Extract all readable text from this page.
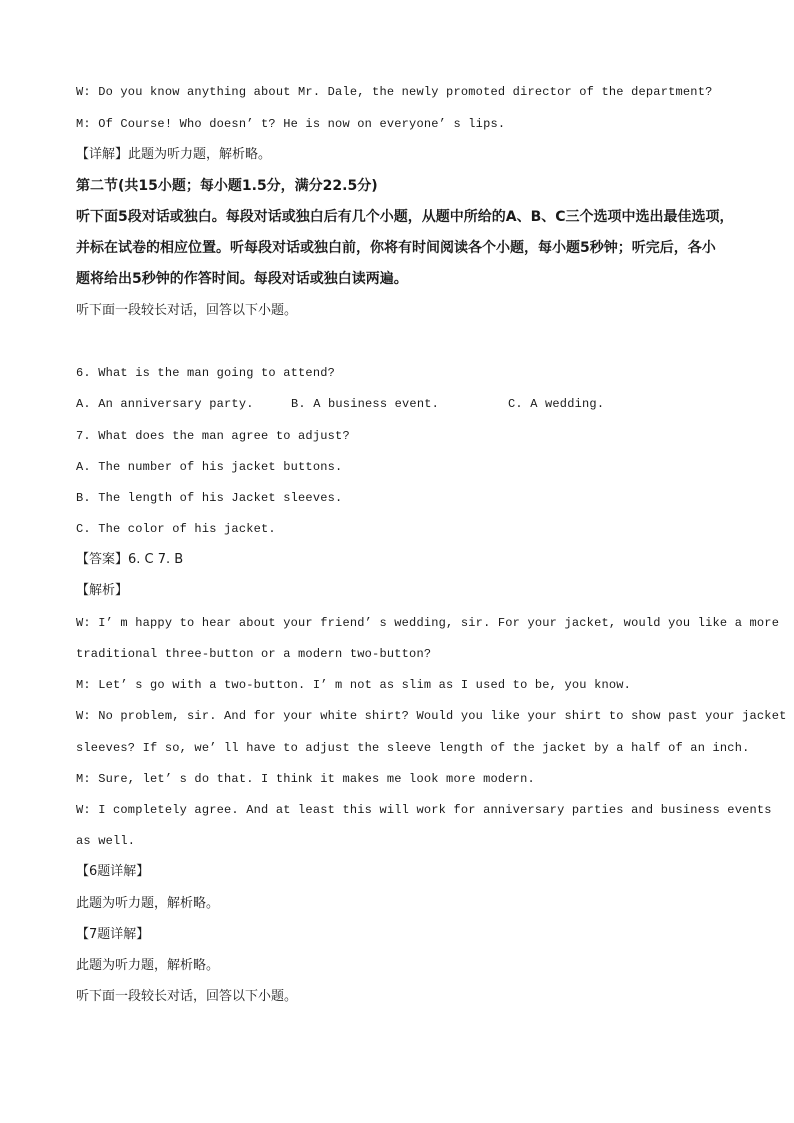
W: Do you know anything about Mr. Dale, the newly promoted director of the department?
M: Of Course! Who doesn’ t? He is now on everyone’ s lips.
【详解】此题为听力题，解析略。
第二节(共15小题；每小题1.5分，满分22.5分)
听下面5段对话或独白。每段对话或独白后有几个小题，从题中所给的A、B、C三个选项中选出最佳选项，
并标在试卷的相应位置。听每段对话或独白前，你将有时间阅读各个小题，每小题5秒钟；听完后，各小
题将给出5秒钟的作答时间。每段对话或独白读两遍。
听下面一段较长对话，回答以下小题。
6. What is the man going to attend?
A. An anniversary party.	B. A business event.	C. A wedding.
7. What does the man agree to adjust?
A. The number of his jacket buttons.
B. The length of his Jacket sleeves.
C. The color of his jacket.
【答案】6. C 7. B
【解析】
W: I’ m happy to hear about your friend’ s wedding, sir. For your jacket, would you like a more
traditional three-button or a modern two-button?
M: Let’ s go with a two-button. I’ m not as slim as I used to be, you know.
W: No problem, sir. And for your white shirt? Would you like your shirt to show past your jacket
sleeves? If so, we’ ll have to adjust the sleeve length of the jacket by a half of an inch.
M: Sure, let’ s do that. I think it makes me look more modern.
W: I completely agree. And at least this will work for anniversary parties and business events
as well.
【6题详解】
此题为听力题，解析略。
【7题详解】
此题为听力题，解析略。
听下面一段较长对话，回答以下小题。
